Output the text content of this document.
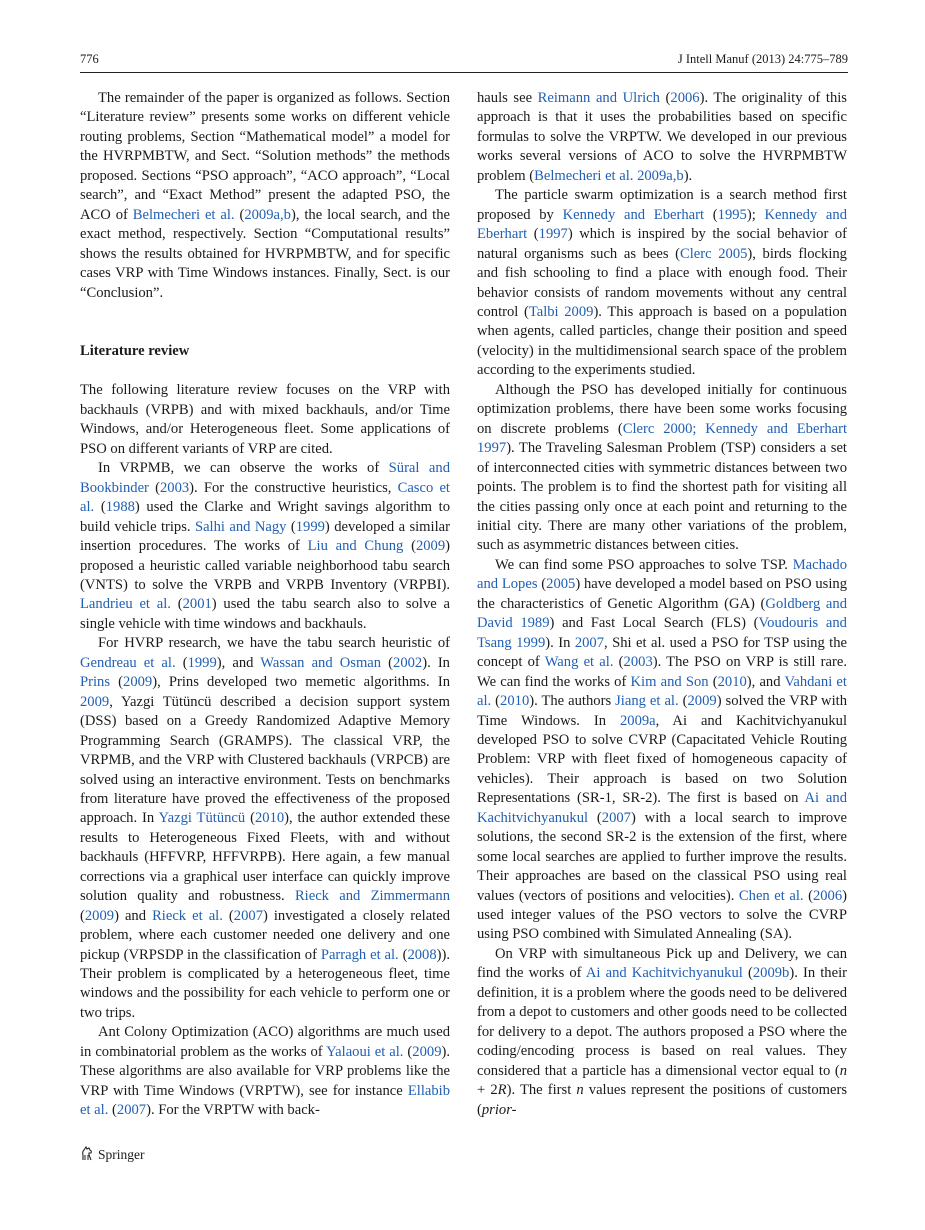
776	J Intell Manuf (2013) 24:775–789

The remainder of the paper is organized as follows. Section “Literature review” presents some works on different vehicle routing problems, Section “Mathematical model” a model for the HVRPMBTW, and Sect. “Solution methods” the methods proposed. Sections “PSO approach”, “ACO approach”, “Local search”, and “Exact Method” present the adapted PSO, the ACO of Belmecheri et al. (2009a,b), the local search, and the exact method, respectively. Section “Computational results” shows the results obtained for HVRPMBTW, and for specific cases VRP with Time Windows instances. Finally, Sect. is our “Conclusion”.

Literature review

The following literature review focuses on the VRP with backhauls (VRPB) and with mixed backhauls, and/or Time Windows, and/or Heterogeneous fleet. Some applications of PSO on different variants of VRP are cited.

In VRPMB, we can observe the works of Süral and Bookbinder (2003). For the constructive heuristics, Casco et al. (1988) used the Clarke and Wright savings algorithm to build vehicle trips. Salhi and Nagy (1999) developed a similar insertion procedures. The works of Liu and Chung (2009) proposed a heuristic called variable neighborhood tabu search (VNTS) to solve the VRPB and VRPB Inventory (VRPBI). Landrieu et al. (2001) used the tabu search also to solve a single vehicle with time windows and backhauls.

For HVRP research, we have the tabu search heuristic of Gendreau et al. (1999), and Wassan and Osman (2002). In Prins (2009), Prins developed two memetic algorithms. In 2009, Yazgi Tütüncü described a decision support system (DSS) based on a Greedy Randomized Adaptive Memory Programming Search (GRAMPS). The classical VRP, the VRPMB, and the VRP with Clustered backhauls (VRPCB) are solved using an interactive environment. Tests on benchmarks from literature have proved the effectiveness of the proposed approach. In Yazgi Tütüncü (2010), the author extended these results to Heterogeneous Fixed Fleets, with and without backhauls (HFFVRP, HFFVRPB). Here again, a few manual corrections via a graphical user interface can quickly improve solution quality and robustness. Rieck and Zimmermann (2009) and Rieck et al. (2007) investigated a closely related problem, where each customer needed one delivery and one pickup (VRPSDP in the classification of Parragh et al. (2008)). Their problem is complicated by a heterogeneous fleet, time windows and the possibility for each vehicle to perform one or two trips.

Ant Colony Optimization (ACO) algorithms are much used in combinatorial problem as the works of Yalaoui et al. (2009). These algorithms are also available for VRP problems like the VRP with Time Windows (VRPTW), see for instance Ellabib et al. (2007). For the VRPTW with back-

hauls see Reimann and Ulrich (2006). The originality of this approach is that it uses the probabilities based on specific formulas to solve the VRPTW. We developed in our previous works several versions of ACO to solve the HVRPMBTW problem (Belmecheri et al. 2009a,b).

The particle swarm optimization is a search method first proposed by Kennedy and Eberhart (1995); Kennedy and Eberhart (1997) which is inspired by the social behavior of natural organisms such as bees (Clerc 2005), birds flocking and fish schooling to find a place with enough food. Their behavior consists of random movements without any central control (Talbi 2009). This approach is based on a population when agents, called particles, change their position and speed (velocity) in the multidimensional search space of the problem according to the experiments studied.

Although the PSO has developed initially for continuous optimization problems, there have been some works focusing on discrete problems (Clerc 2000; Kennedy and Eberhart 1997). The Traveling Salesman Problem (TSP) considers a set of interconnected cities with symmetric distances between two points. The problem is to find the shortest path for visiting all the cities passing only once at each point and returning to the initial city. There are many other variations of the problem, such as asymmetric distances between cities.

We can find some PSO approaches to solve TSP. Machado and Lopes (2005) have developed a model based on PSO using the characteristics of Genetic Algorithm (GA) (Goldberg and David 1989) and Fast Local Search (FLS) (Voudouris and Tsang 1999). In 2007, Shi et al. used a PSO for TSP using the concept of Wang et al. (2003). The PSO on VRP is still rare. We can find the works of Kim and Son (2010), and Vahdani et al. (2010). The authors Jiang et al. (2009) solved the VRP with Time Windows. In 2009a, Ai and Kachitvichyanukul developed PSO to solve CVRP (Capacitated Vehicle Routing Problem: VRP with fleet fixed of homogeneous capacity of vehicles). Their approach is based on two Solution Representations (SR-1, SR-2). The first is based on Ai and Kachitvichyanukul (2007) with a local search to improve solutions, the second SR-2 is the extension of the first, where some local searches are applied to further improve the results. Their approaches are based on the classical PSO using real values (vectors of positions and velocities). Chen et al. (2006) used integer values of the PSO vectors to solve the CVRP using PSO combined with Simulated Annealing (SA).

On VRP with simultaneous Pick up and Delivery, we can find the works of Ai and Kachitvichyanukul (2009b). In their definition, it is a problem where the goods need to be delivered from a depot to customers and other goods need to be collected for delivery to a depot. The authors proposed a PSO where the coding/encoding process is based on real values. They considered that a particle has a dimensional vector equal to (n + 2R). The first n values represent the positions of customers (prior-

Springer
